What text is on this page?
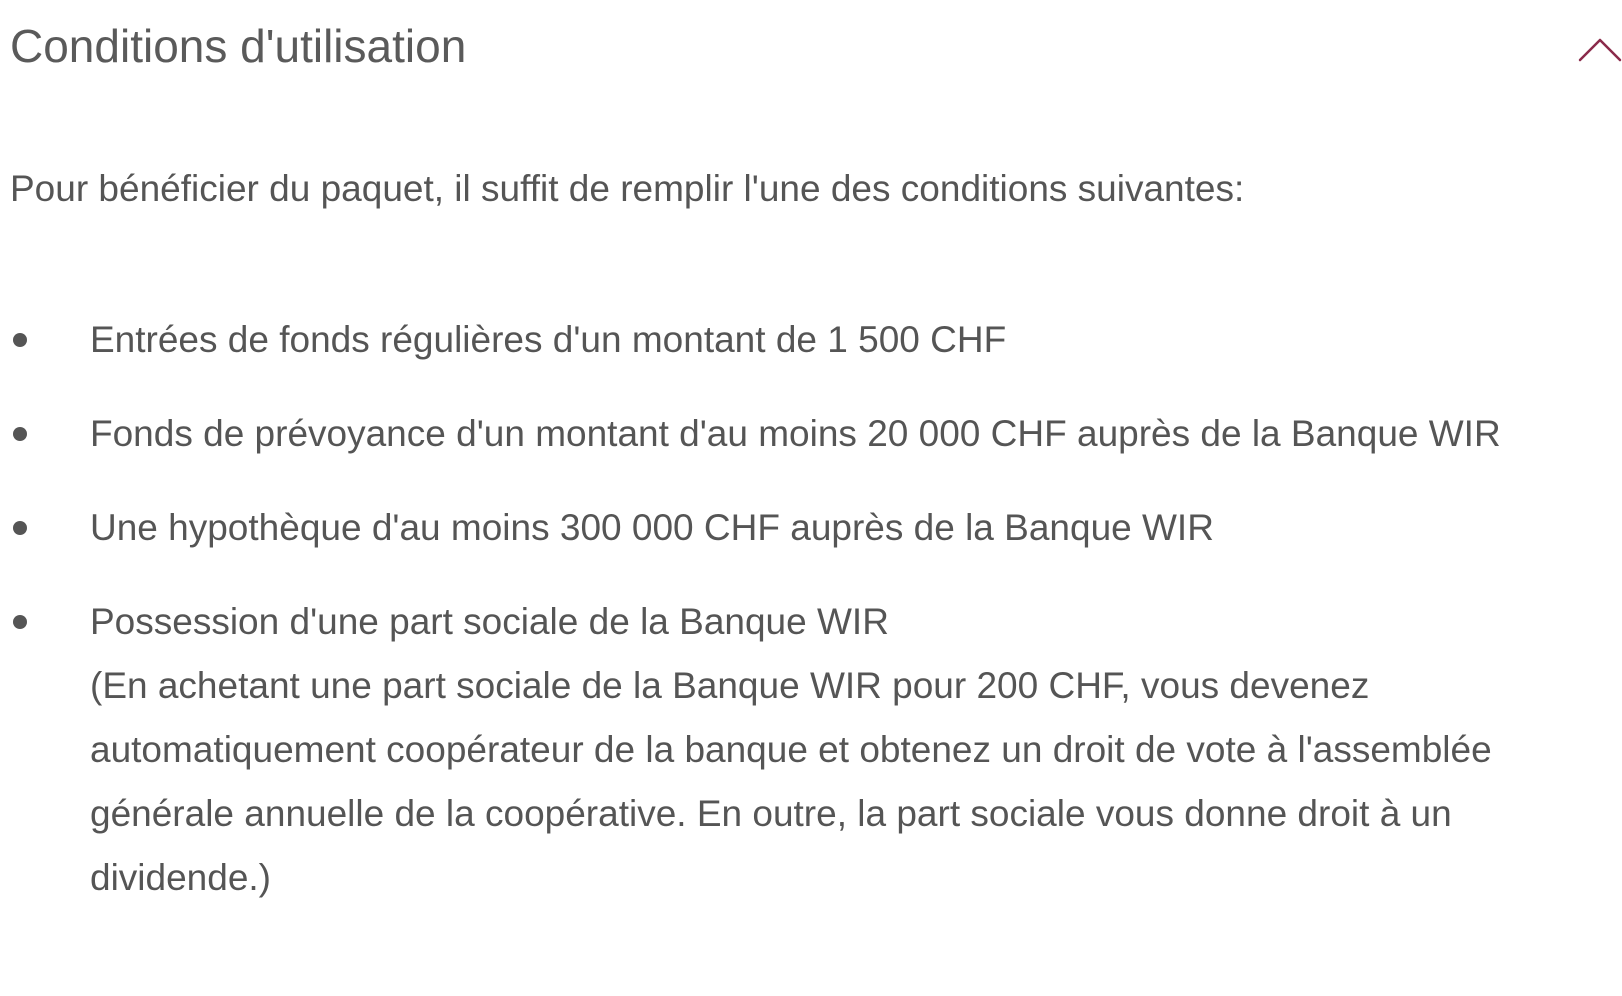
Conditions d'utilisation

Pour bénéficier du paquet, il suffit de remplir l'une des conditions suivantes:

Entrées de fonds régulières d'un montant de 1 500 CHF
Fonds de prévoyance d'un montant d'au moins 20 000 CHF auprès de la Banque WIR
Une hypothèque d'au moins 300 000 CHF auprès de la Banque WIR
Possession d'une part sociale de la Banque WIR
(En achetant une part sociale de la Banque WIR pour 200 CHF, vous devenez automatiquement coopérateur de la banque et obtenez un droit de vote à l'assemblée générale annuelle de la coopérative. En outre, la part sociale vous donne droit à un dividende.)
